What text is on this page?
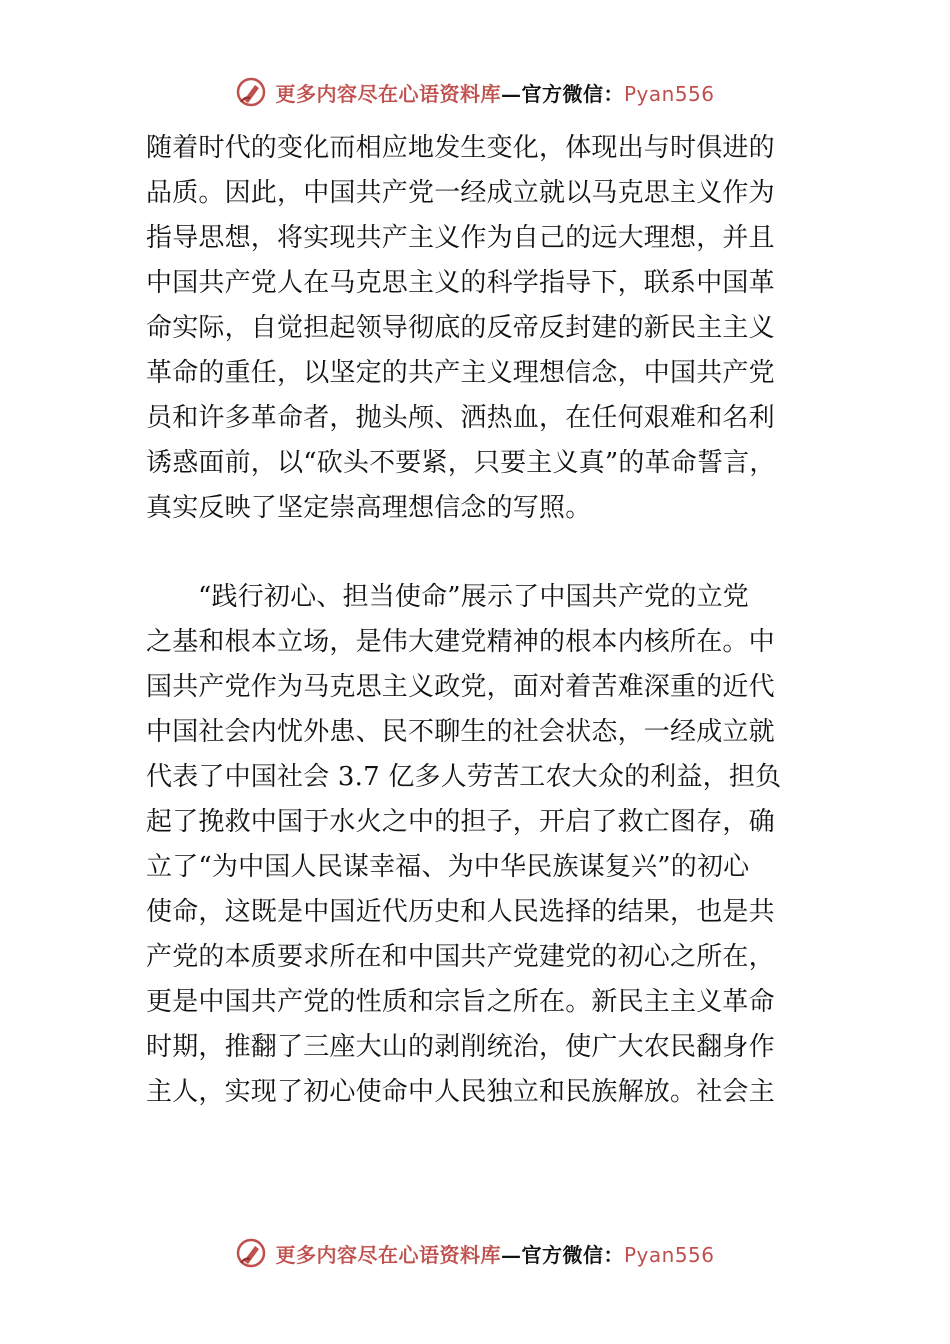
更多内容尽在心语资料库—官方微信：Pyan556

随着时代的变化而相应地发生变化，体现出与时俱进的

品质。因此，中国共产党一经成立就以马克思主义作为

指导思想，将实现共产主义作为自己的远大理想，并且

中国共产党人在马克思主义的科学指导下，联系中国革

命实际，自觉担起领导彻底的反帝反封建的新民主主义

革命的重任，以坚定的共产主义理想信念，中国共产党

员和许多革命者，抛头颅、洒热血，在任何艰难和名利

诱惑面前，以“砍头不要紧，只要主义真”的革命誓言，

真实反映了坚定崇高理想信念的写照。

“践行初心、担当使命”展示了中国共产党的立党

之基和根本立场，是伟大建党精神的根本内核所在。中

国共产党作为马克思主义政党，面对着苦难深重的近代

中国社会内忧外患、民不聊生的社会状态，一经成立就

代表了中国社会 3.7 亿多人劳苦工农大众的利益，担负

起了挽救中国于水火之中的担子，开启了救亡图存，确

立了“为中国人民谋幸福、为中华民族谋复兴”的初心

使命，这既是中国近代历史和人民选择的结果，也是共

产党的本质要求所在和中国共产党建党的初心之所在，

更是中国共产党的性质和宗旨之所在。新民主主义革命

时期，推翻了三座大山的剥削统治，使广大农民翻身作

主人，实现了初心使命中人民独立和民族解放。社会主

更多内容尽在心语资料库—官方微信：Pyan556
